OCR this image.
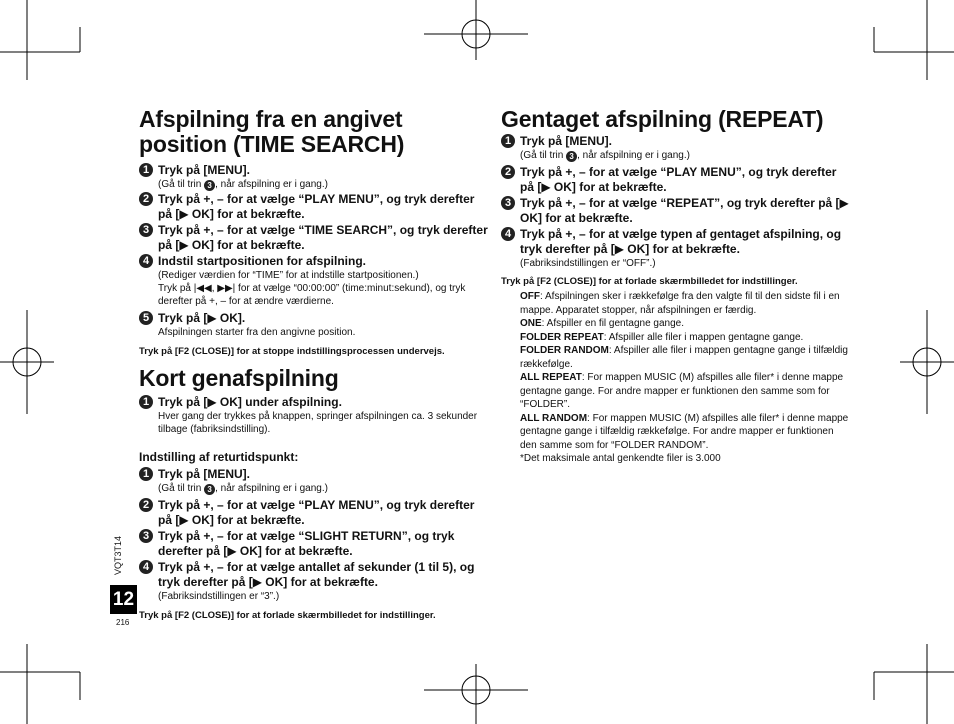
Afspilning fra en angivet position (TIME SEARCH)
1 Tryk på [MENU].
(Gå til trin 3 , når afspilning er i gang.)
2 Tryk på +, – for at vælge “PLAY MENU”, og tryk derefter på [▶ OK] for at bekræfte.
3 Tryk på +, – for at vælge “TIME SEARCH”, og tryk derefter på [▶ OK] for at bekræfte.
4 Indstil startpositionen for afspilning.
(Rediger værdien for “TIME” for at indstille startpositionen.)
Tryk på |◀◀, ▶▶| for at vælge “00:00:00” (time:minut:sekund), og tryk derefter på +, – for at ændre værdierne.
5 Tryk på [▶ OK].
Afspilningen starter fra den angivne position.
Tryk på [F2 (CLOSE)] for at stoppe indstillingsprocessen undervejs.
Kort genafspilning
1 Tryk på [▶ OK] under afspilning.
Hver gang der trykkes på knappen, springer afspilningen ca. 3 sekunder tilbage (fabriksindstilling).
Indstilling af returtidspunkt:
1 Tryk på [MENU].
(Gå til trin 3 , når afspilning er i gang.)
2 Tryk på +, – for at vælge “PLAY MENU”, og tryk derefter på [▶ OK] for at bekræfte.
3 Tryk på +, – for at vælge “SLIGHT RETURN”, og tryk derefter på [▶ OK] for at bekræfte.
4 Tryk på +, – for at vælge antallet af sekunder (1 til 5), og tryk derefter på [▶ OK] for at bekræfte.
(Fabriksindstillingen er “3”.)
Tryk på [F2 (CLOSE)] for at forlade skærmbilledet for indstillinger.
Gentaget afspilning (REPEAT)
1 Tryk på [MENU].
(Gå til trin 3 , når afspilning er i gang.)
2 Tryk på +, – for at vælge “PLAY MENU”, og tryk derefter på [▶ OK] for at bekræfte.
3 Tryk på +, – for at vælge “REPEAT”, og tryk derefter på [▶ OK] for at bekræfte.
4 Tryk på +, – for at vælge typen af gentaget afspilning, og tryk derefter på [▶ OK] for at bekræfte.
(Fabriksindstillingen er “OFF”.)
Tryk på [F2 (CLOSE)] for at forlade skærmbilledet for indstillinger.
OFF: Afspilningen sker i rækkefølge fra den valgte fil til den sidste fil i en mappe. Apparatet stopper, når afspilningen er færdig.
ONE: Afspiller en fil gentagne gange.
FOLDER REPEAT: Afspiller alle filer i mappen gentagne gange.
FOLDER RANDOM: Afspiller alle filer i mappen gentagne gange i tilfældig rækkefølge.
ALL REPEAT: For mappen MUSIC (M) afspilles alle filer* i denne mappe gentagne gange. For andre mapper er funktionen den samme som for “FOLDER”.
ALL RANDOM: For mappen MUSIC (M) afspilles alle filer* i denne mappe gentagne gange i tilfældig rækkefølge. For andre mapper er funktionen den samme som for “FOLDER RANDOM”.
*Det maksimale antal genkendte filer is 3.000
VQT3T14
12
216
